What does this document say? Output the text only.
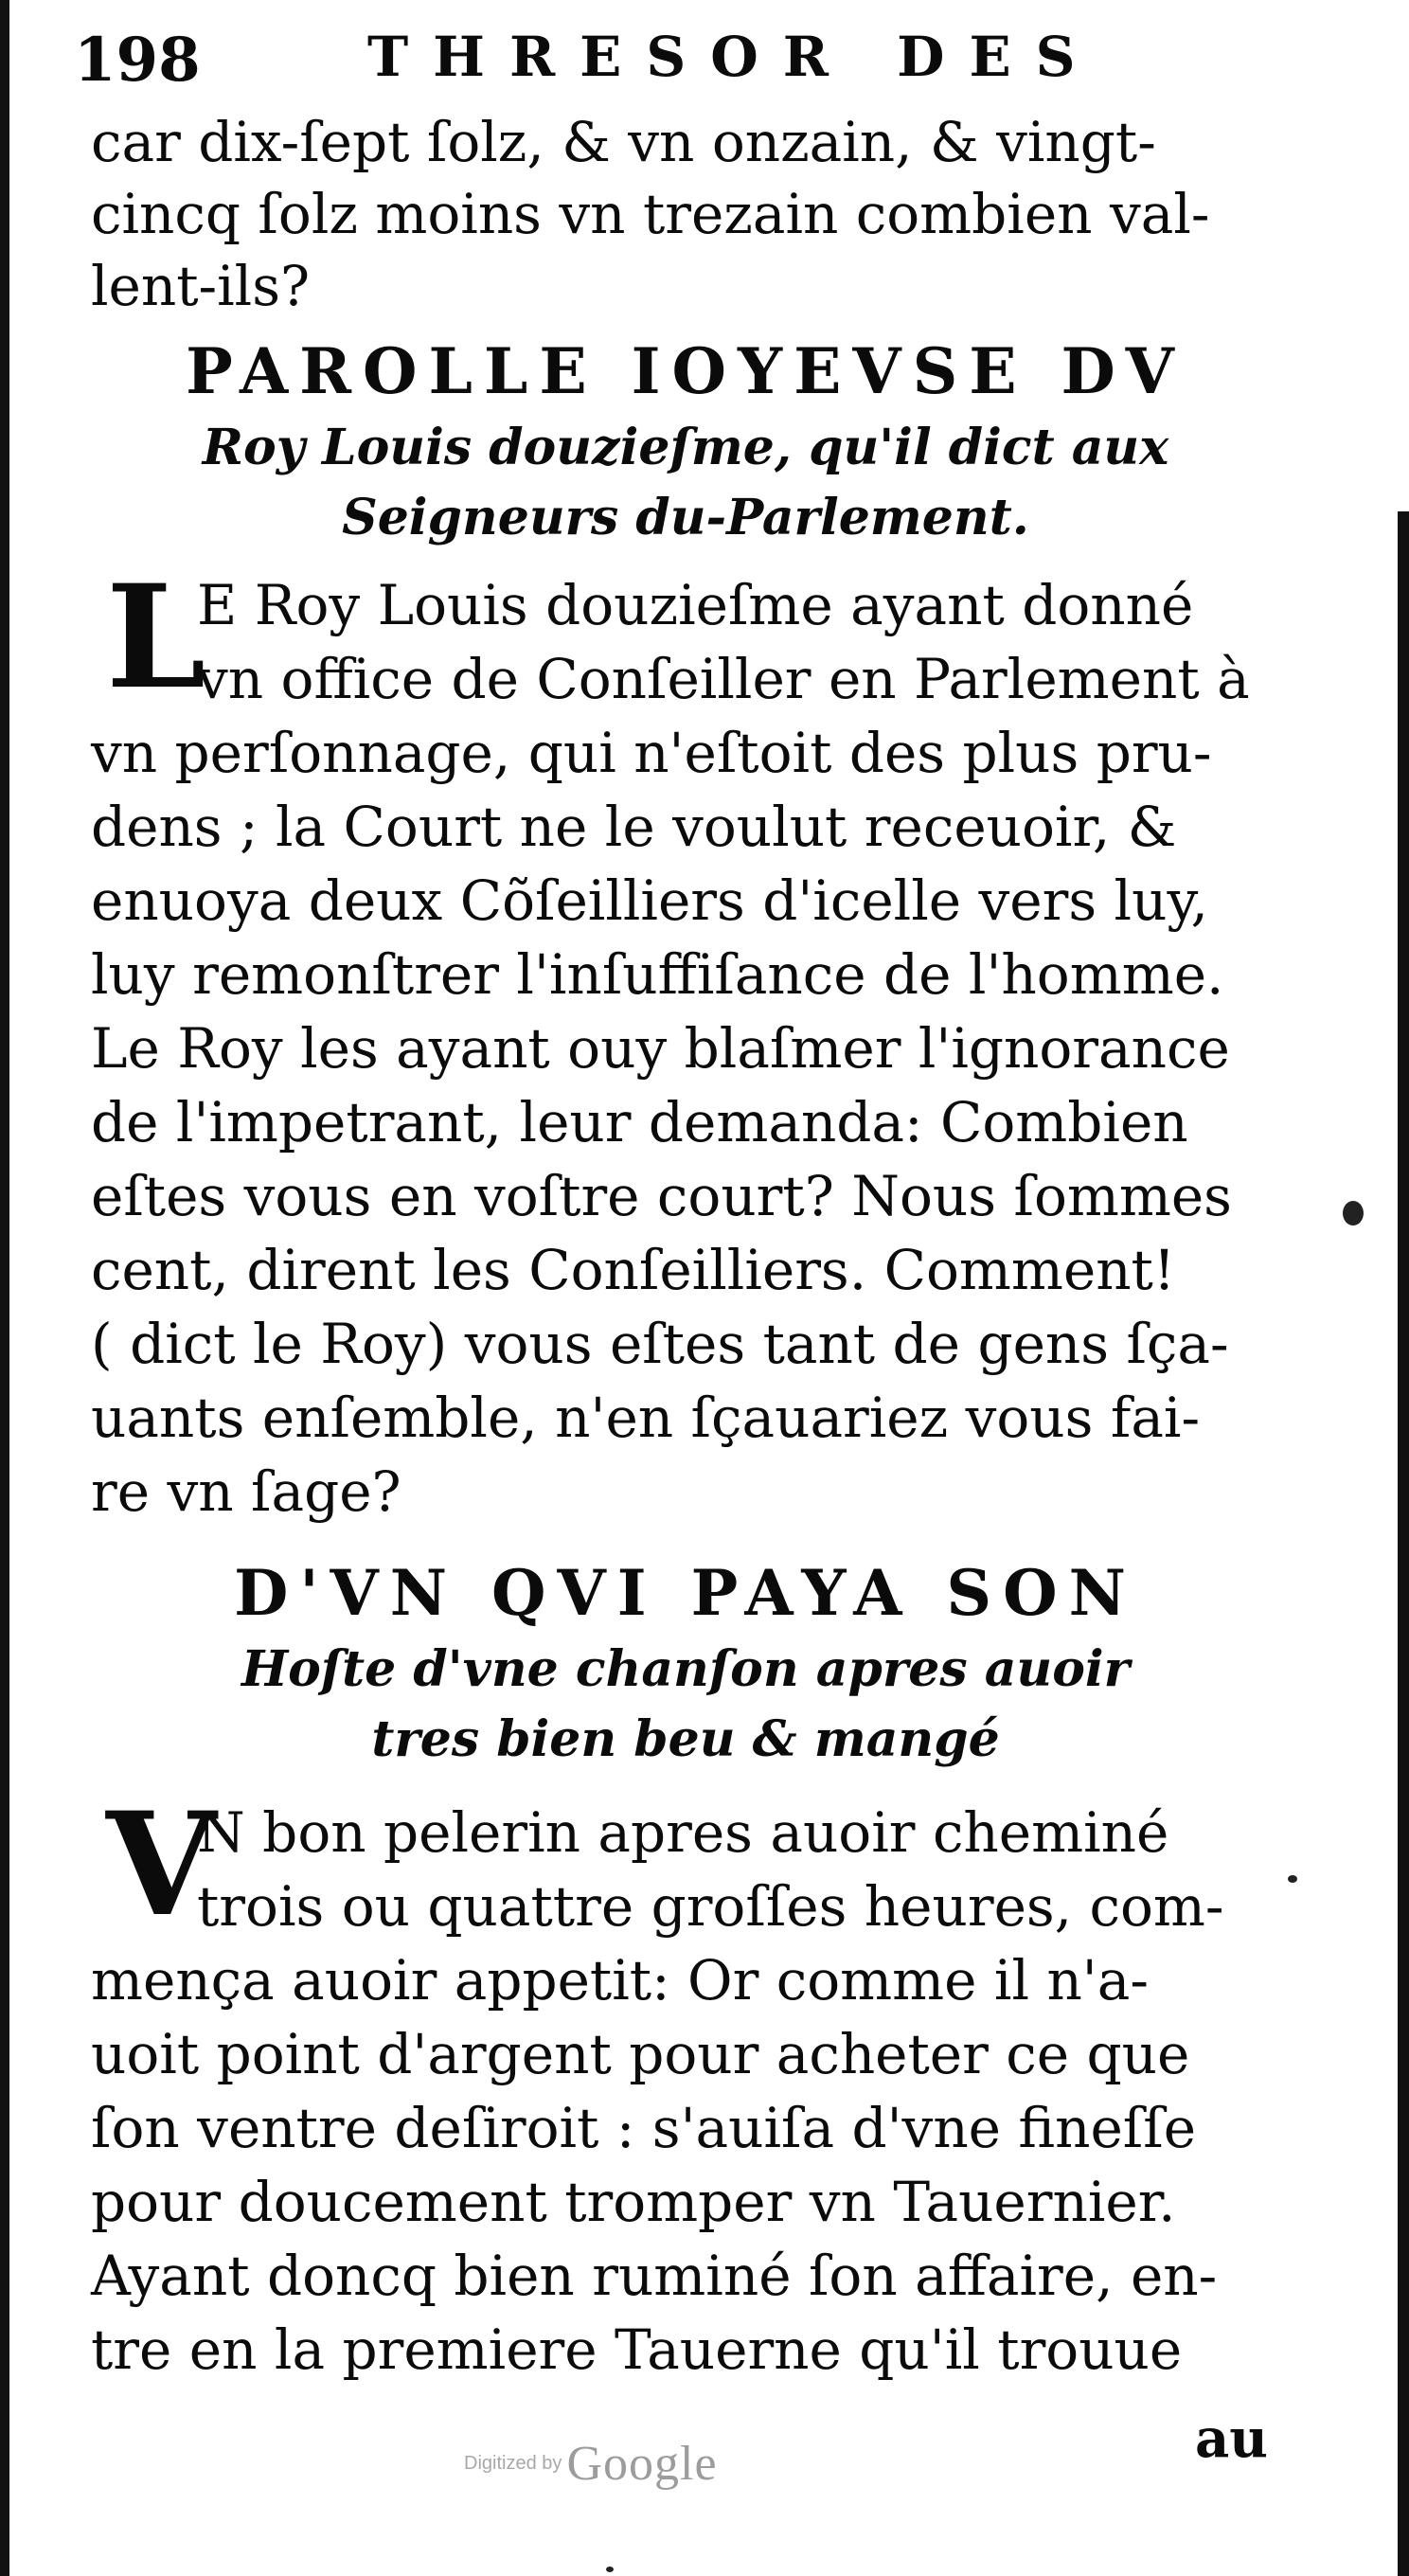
198	THRESOR DES
car dix-ſept ſolz, & vn onzain, & vingt-
cincq ſolz moins vn trezain combien val-
lent-ils?
PAROLLE IOYEVSE DV
Roy Louis douzieſme, qu'il dict aux
Seigneurs du-Parlement.
L
E Roy Louis douzieſme ayant donné
vn office de Conſeiller en Parlement à
vn perſonnage, qui n'eſtoit des plus pru-
dens ; la Court ne le voulut receuoir, &
enuoya deux Cõſeilliers d'icelle vers luy,
luy remonſtrer l'inſuffiſance de l'homme.
Le Roy les ayant ouy blaſmer l'ignorance
de l'impetrant, leur demanda: Combien
eſtes vous en voſtre court? Nous ſommes
cent, dirent les Conſeilliers. Comment!
( dict le Roy) vous eſtes tant de gens ſça-
uants enſemble, n'en ſçauariez vous fai-
re vn ſage?
D'VN QVI PAYA SON
Hoſte d'vne chanſon apres auoir
tres bien beu & mangé
V
N bon pelerin apres auoir cheminé
trois ou quattre groſſes heures, com-
mença auoir appetit: Or comme il n'a-
uoit point d'argent pour acheter ce que
ſon ventre deſiroit : s'auiſa d'vne fineſſe
pour doucement tromper vn Tauernier.
Ayant doncq bien ruminé ſon affaire, en-
tre en la premiere Tauerne qu'il trouue
au
Digitized by Google
